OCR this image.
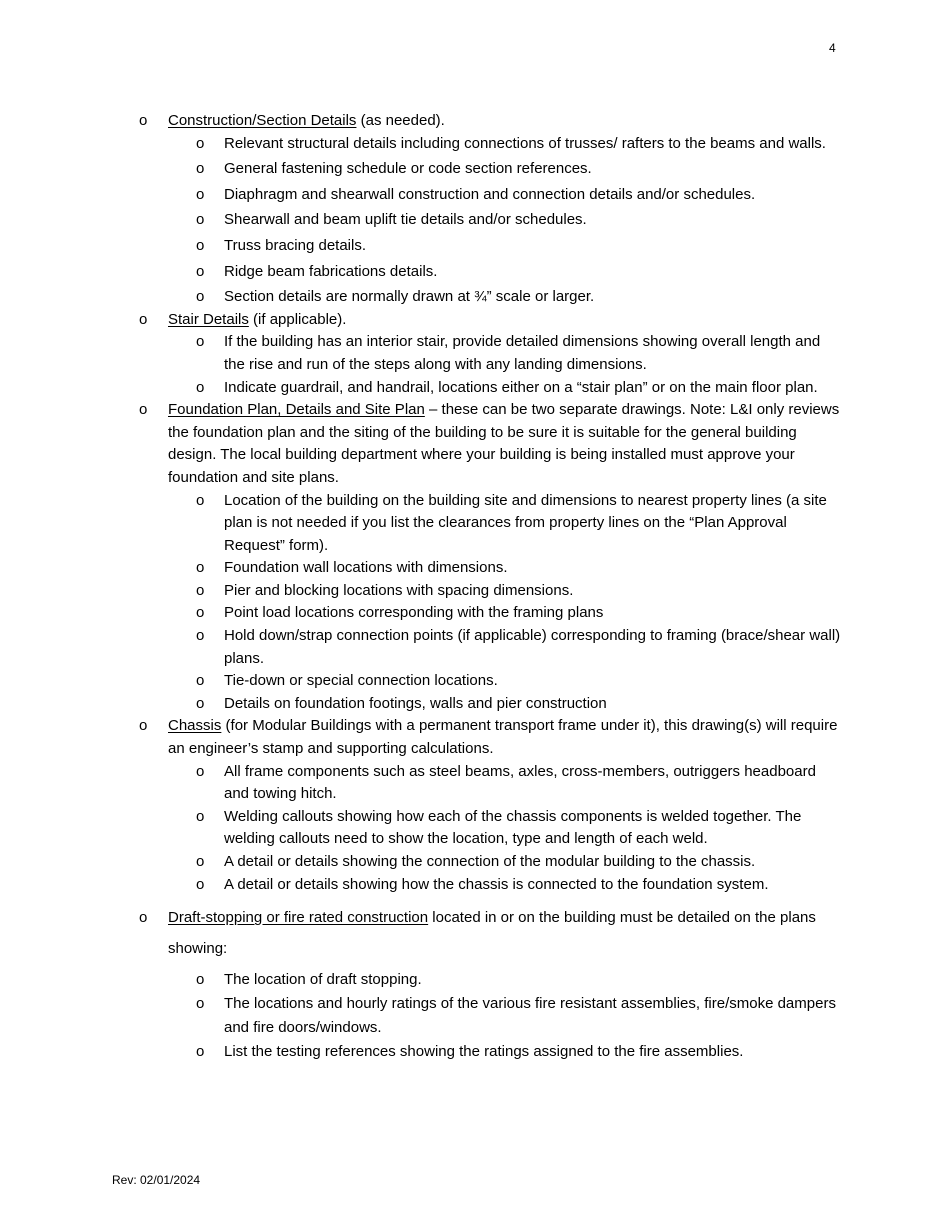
4
o Construction/Section Details (as needed).
o Relevant structural details including connections of trusses/ rafters to the beams and walls.
o General fastening schedule or code section references.
o Diaphragm and shearwall construction and connection details and/or schedules.
o Shearwall and beam uplift tie details and/or schedules.
o Truss bracing details.
o Ridge beam fabrications details.
o Section details are normally drawn at ¾” scale or larger.
o Stair Details (if applicable).
o If the building has an interior stair, provide detailed dimensions showing overall length and the rise and run of the steps along with any landing dimensions.
o Indicate guardrail, and handrail, locations either on a “stair plan” or on the main floor plan.
o Foundation Plan, Details and Site Plan – these can be two separate drawings. Note: L&I only reviews the foundation plan and the siting of the building to be sure it is suitable for the general building design. The local building department where your building is being installed must approve your foundation and site plans.
o Location of the building on the building site and dimensions to nearest property lines (a site plan is not needed if you list the clearances from property lines on the “Plan Approval Request” form).
o Foundation wall locations with dimensions.
o Pier and blocking locations with spacing dimensions.
o Point load locations corresponding with the framing plans
o Hold down/strap connection points (if applicable) corresponding to framing (brace/shear wall) plans.
o Tie-down or special connection locations.
o Details on foundation footings, walls and pier construction
o Chassis (for Modular Buildings with a permanent transport frame under it), this drawing(s) will require an engineer’s stamp and supporting calculations.
o All frame components such as steel beams, axles, cross-members, outriggers headboard and towing hitch.
o Welding callouts showing how each of the chassis components is welded together. The welding callouts need to show the location, type and length of each weld.
o A detail or details showing the connection of the modular building to the chassis.
o A detail or details showing how the chassis is connected to the foundation system.
o Draft-stopping or fire rated construction located in or on the building must be detailed on the plans showing:
o The location of draft stopping.
o The locations and hourly ratings of the various fire resistant assemblies, fire/smoke dampers and fire doors/windows.
o List the testing references showing the ratings assigned to the fire assemblies.
Rev: 02/01/2024
